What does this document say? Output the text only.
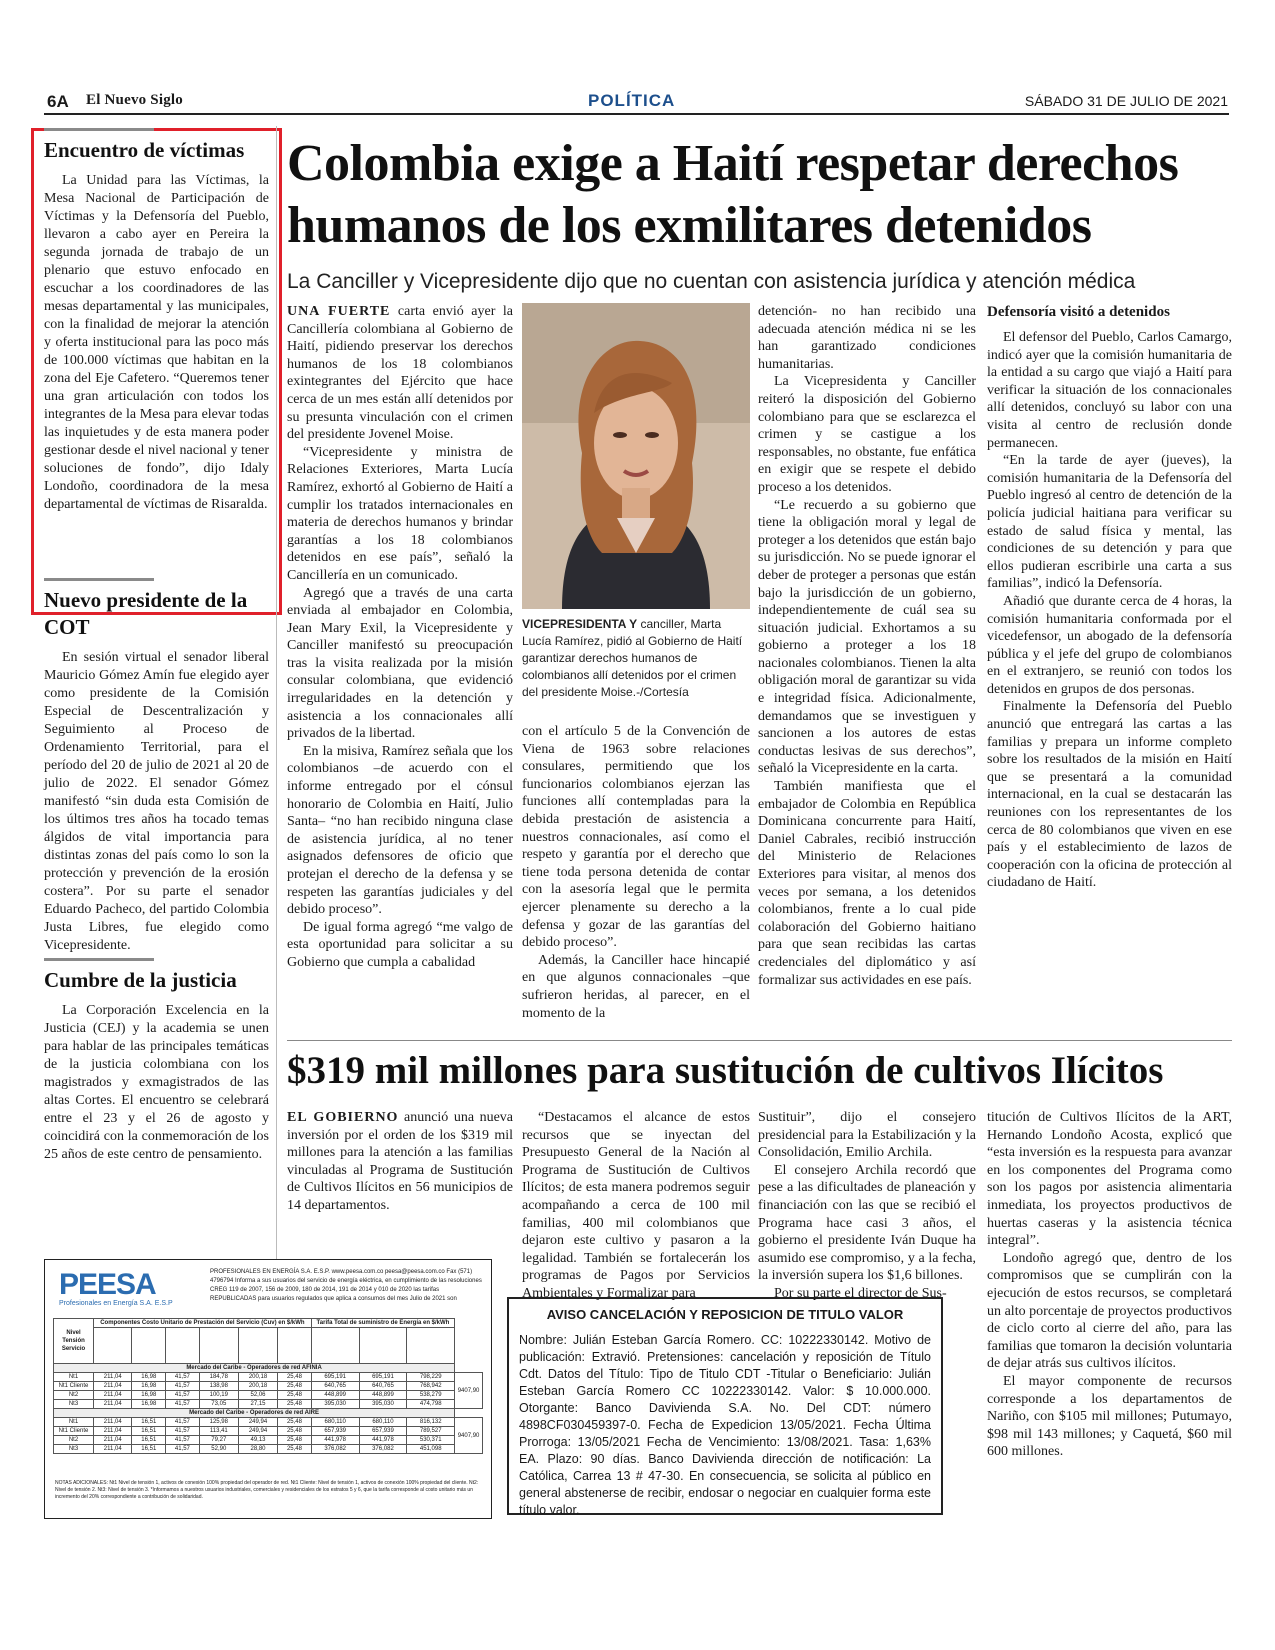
6A El Nuevo Siglo	POLÍTICA	SÁBADO 31 DE JULIO DE 2021
Encuentro de víctimas

La Unidad para las Víctimas, la Mesa Nacional de Participación de Víctimas y la Defensoría del Pueblo, llevaron a cabo ayer en Pereira la segunda jornada de trabajo de un plenario que estuvo enfocado en escuchar a los coordinadores de las mesas departamental y las municipales, con la finalidad de mejorar la atención y oferta institucional para las poco más de 100.000 víctimas que habitan en la zona del Eje Cafetero. “Queremos tener una gran articulación con todos los integrantes de la Mesa para elevar todas las inquietudes y de esta manera poder gestionar desde el nivel nacional y tener soluciones de fondo”, dijo Idaly Londoño, coordinadora de la mesa departamental de víctimas de Risaralda.

Nuevo presidente de la COT

En sesión virtual el senador liberal Mauricio Gómez Amín fue elegido ayer como presidente de la Comisión Especial de Descentralización y Seguimiento al Proceso de Ordenamiento Territorial, para el período del 20 de julio de 2021 al 20 de julio de 2022. El senador Gómez manifestó “sin duda esta Comisión de los últimos tres años ha tocado temas álgidos de vital importancia para distintas zonas del país como lo son la protección y prevención de la erosión costera”. Por su parte el senador Eduardo Pacheco, del partido Colombia Justa Libres, fue elegido como Vicepresidente.

Cumbre de la justicia

La Corporación Excelencia en la Justicia (CEJ) y la academia se unen para hablar de las principales temáticas de la justicia colombiana con los magistrados y exmagistrados de las altas Cortes. El encuentro se celebrará entre el 23 y el 26 de agosto y coincidirá con la conmemoración de los 25 años de este centro de pensamiento.

Colombia exige a Haití respetar derechos humanos de los exmilitares detenidos
La Canciller y Vicepresidente dijo que no cuentan con asistencia jurídica y atención médica

UNA FUERTE carta envió ayer la Cancillería colombiana al Gobierno de Haití, pidiendo preservar los derechos humanos de los 18 colombianos exintegrantes del Ejército que hace cerca de un mes están allí detenidos por su presunta vinculación con el crimen del presidente Jovenel Moise.

“Vicepresidente y ministra de Relaciones Exteriores, Marta Lucía Ramírez, exhortó al Gobierno de Haití a cumplir los tratados internacionales en materia de derechos humanos y brindar garantías a los 18 colombianos detenidos en ese país”, señaló la Cancillería en un comunicado.

Agregó que a través de una carta enviada al embajador en Colombia, Jean Mary Exil, la Vicepresidente y Canciller manifestó su preocupación tras la visita realizada por la misión consular colombiana, que evidenció irregularidades en la detención y asistencia a los connacionales allí privados de la libertad.

En la misiva, Ramírez señala que los colombianos –de acuerdo con el informe entregado por el cónsul honorario de Colombia en Haití, Julio Santa– “no han recibido ninguna clase de asistencia jurídica, al no tener asignados defensores de oficio que protejan el derecho de la defensa y se respeten las garantías judiciales y del debido proceso”.

De igual forma agregó “me valgo de esta oportunidad para solicitar a su Gobierno que cumpla a cabalidad

VICEPRESIDENTA Y canciller, Marta Lucía Ramírez, pidió al Gobierno de Haití garantizar derechos humanos de colombianos allí detenidos por el crimen del presidente Moise.-/Cortesía

con el artículo 5 de la Convención de Viena de 1963 sobre relaciones consulares, permitiendo que los funcionarios colombianos ejerzan las funciones allí contempladas para la debida prestación de asistencia a nuestros connacionales, así como el respeto y garantía por el derecho que tiene toda persona detenida de contar con la asesoría legal que le permita ejercer plenamente su derecho a la defensa y gozar de las garantías del debido proceso”.

Además, la Canciller hace hincapié en que algunos connacionales –que sufrieron heridas, al parecer, en el momento de la

detención- no han recibido una adecuada atención médica ni se les han garantizado condiciones humanitarias.

La Vicepresidenta y Canciller reiteró la disposición del Gobierno colombiano para que se esclarezca el crimen y se castigue a los responsables, no obstante, fue enfática en exigir que se respete el debido proceso a los detenidos.

“Le recuerdo a su gobierno que tiene la obligación moral y legal de proteger a los detenidos que están bajo su jurisdicción. No se puede ignorar el deber de proteger a personas que están bajo la jurisdicción de un gobierno, independientemente de cuál sea su situación judicial. Exhortamos a su gobierno a proteger a los 18 nacionales colombianos. Tienen la alta obligación moral de garantizar su vida e integridad física. Adicionalmente, demandamos que se investiguen y sancionen a los autores de estas conductas lesivas de sus derechos”, señaló la Vicepresidente en la carta.

También manifiesta que el embajador de Colombia en República Dominicana concurrente para Haití, Daniel Cabrales, recibió instrucción del Ministerio de Relaciones Exteriores para visitar, al menos dos veces por semana, a los detenidos colombianos, frente a lo cual pide colaboración del Gobierno haitiano para que sean recibidas las cartas credenciales del diplomático y así formalizar sus actividades en ese país.

Defensoría visitó a detenidos

El defensor del Pueblo, Carlos Camargo, indicó ayer que la comisión humanitaria de la entidad a su cargo que viajó a Haití para verificar la situación de los connacionales allí detenidos, concluyó su labor con una visita al centro de reclusión donde permanecen.

“En la tarde de ayer (jueves), la comisión humanitaria de la Defensoría del Pueblo ingresó al centro de detención de la policía judicial haitiana para verificar su estado de salud física y mental, las condiciones de su detención y para que ellos pudieran escribirle una carta a sus familias”, indicó la Defensoría.

Añadió que durante cerca de 4 horas, la comisión humanitaria conformada por el vicedefensor, un abogado de la defensoría pública y el jefe del grupo de colombianos en el extranjero, se reunió con todos los detenidos en grupos de dos personas.

Finalmente la Defensoría del Pueblo anunció que entregará las cartas a las familias y prepara un informe completo sobre los resultados de la misión en Haití que se presentará a la comunidad internacional, en la cual se destacarán las reuniones con los representantes de los cerca de 80 colombianos que viven en ese país y el establecimiento de lazos de cooperación con la oficina de protección al ciudadano de Haití.

$319 mil millones para sustitución de cultivos Ilícitos

EL GOBIERNO anunció una nueva inversión por el orden de los $319 mil millones para la atención a las familias vinculadas al Programa de Sustitución de Cultivos Ilícitos en 56 municipios de 14 departamentos.

“Destacamos el alcance de estos recursos que se inyectan del Presupuesto General de la Nación al Programa de Sustitución de Cultivos Ilícitos; de esta manera podremos seguir acompañando a cerca de 100 mil familias, 400 mil colombianos que dejaron este cultivo y pasaron a la legalidad. También se fortalecerán los programas de Pagos por Servicios Ambientales y Formalizar para

Sustituir”, dijo el consejero presidencial para la Estabilización y la Consolidación, Emilio Archila.

El consejero Archila recordó que pese a las dificultades de planeación y financiación con las que se recibió el Programa hace casi 3 años, el gobierno el presidente Iván Duque ha asumido ese compromiso, y a la fecha, la inversión supera los $1,6 billones.

Por su parte el director de Sus-

titución de Cultivos Ilícitos de la ART, Hernando Londoño Acosta, explicó que “esta inversión es la respuesta para avanzar en los componentes del Programa como son los pagos por asistencia alimentaria inmediata, los proyectos productivos de huertas caseras y la asistencia técnica integral”.

Londoño agregó que, dentro de los compromisos que se cumplirán con la ejecución de estos recursos, se completará un alto porcentaje de proyectos productivos de ciclo corto al cierre del año, para las familias que tomaron la decisión voluntaria de dejar atrás sus cultivos ilícitos.

El mayor componente de recursos corresponde a los departamentos de Nariño, con $105 mil millones; Putumayo, $98 mil 143 millones; y Caquetá, $60 mil 600 millones.

PEESA
Profesionales en Energía S.A. E.S.P
PROFESIONALES EN ENERGÍA S.A. E.S.P. www.peesa.com.co peesa@peesa.com.co Fax (571) 4796794 Informa a sus usuarios del servicio de energía eléctrica, en cumplimiento de las resoluciones CREG 119 de 2007, 156 de 2009, 180 de 2014, 191 de 2014 y 010 de 2020 las tarifas REPUBLICADAS para usuarios regulados que aplica a consumos del mes Julio de 2021 son
Nivel Tensión Servicio	Componentes Costo Unitario de Prestación del Servicio (Cuv) en $/kWh						Tarifa Total de suministro de Energía en $/kWh			

Mercado del Caribe - Operadores de red AFINIA										
Nt1	211,04	16,98	41,57	184,78	200,18	25,48	695,191	695,191	798,229	9407,90
Nt1 Cliente	211,04	16,98	41,57	138,98	200,18	25,48	640,765	640,765	768,942	
Nt2	211,04	16,98	41,57	100,19	52,06	25,48	448,899	448,899	538,279	
Nt3	211,04	16,98	41,57	73,05	27,15	25,48	395,030	395,030	474,798	
Mercado del Caribe - Operadores de red AIRE										
Nt1	211,04	16,51	41,57	125,98	249,94	25,48	680,110	680,110	816,132	9407,90
Nt1 Cliente	211,04	16,51	41,57	113,41	249,94	25,48	657,939	657,939	789,527	
Nt2	211,04	16,51	41,57	79,27	49,13	25,48	441,978	441,978	530,371	
Nt3	211,04	16,51	41,57	52,90	28,80	25,48	376,082	376,082	451,098	
NOTAS ADICIONALES: Nt1 Nivel de tensión 1, activos de conexión 100% propiedad del operador de red. Nt1 Cliente: Nivel de tensión 1, activos de conexión 100% propiedad del cliente. Nt2: Nivel de tensión 2. Nt3: Nivel de tensión 3. *Informamos a nuestros usuarios industriales, comerciales y residenciales de los estratos 5 y 6, que la tarifa corresponde al costo unitario más un incremento del 20% correspondiente a contribución de solidaridad.
AVISO CANCELACIÓN Y REPOSICION DE TITULO VALOR

Nombre: Julián Esteban García Romero. CC: 10222330142. Motivo de publicación: Extravió. Pretensiones: cancelación y reposición de Título Cdt. Datos del Título: Tipo de Titulo CDT -Titular o Beneficiario: Julián Esteban García Romero CC 10222330142. Valor: $ 10.000.000. Otorgante: Banco Davivienda S.A. No. Del CDT: número 4898CF030459397-0. Fecha de Expedicion 13/05/2021. Fecha Última Prorroga: 13/05/2021 Fecha de Vencimiento: 13/08/2021. Tasa: 1,63% EA. Plazo: 90 días. Banco Davivienda dirección de notificación: La Católica, Carrea 13 # 47-30. En consecuencia, se solicita al público en general abstenerse de recibir, endosar o negociar en cualquier forma este título valor.
